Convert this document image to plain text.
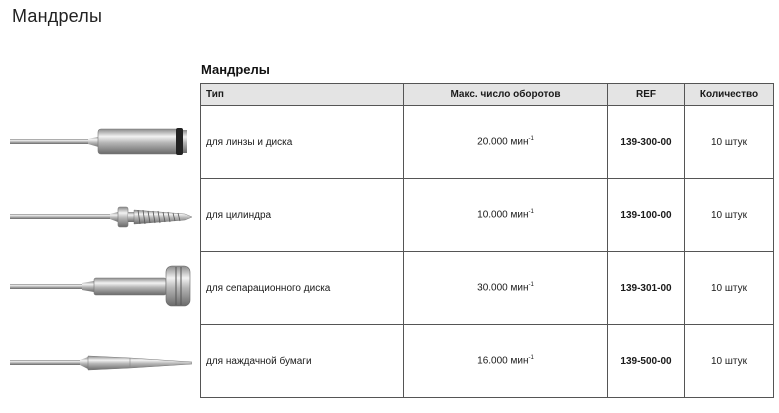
Мандрелы
Мандрелы
Тип	Макс. число оборотов	REF	Количество
для линзы и диска	20.000 мин$^{-1}$	139-300-00	10 штук
для цилиндра	10.000 мин$^{-1}$	139-100-00	10 штук
для сепарационного диска	30.000 мин$^{-1}$	139-301-00	10 штук
для наждачной бумаги	16.000 мин$^{-1}$	139-500-00	10 штук
